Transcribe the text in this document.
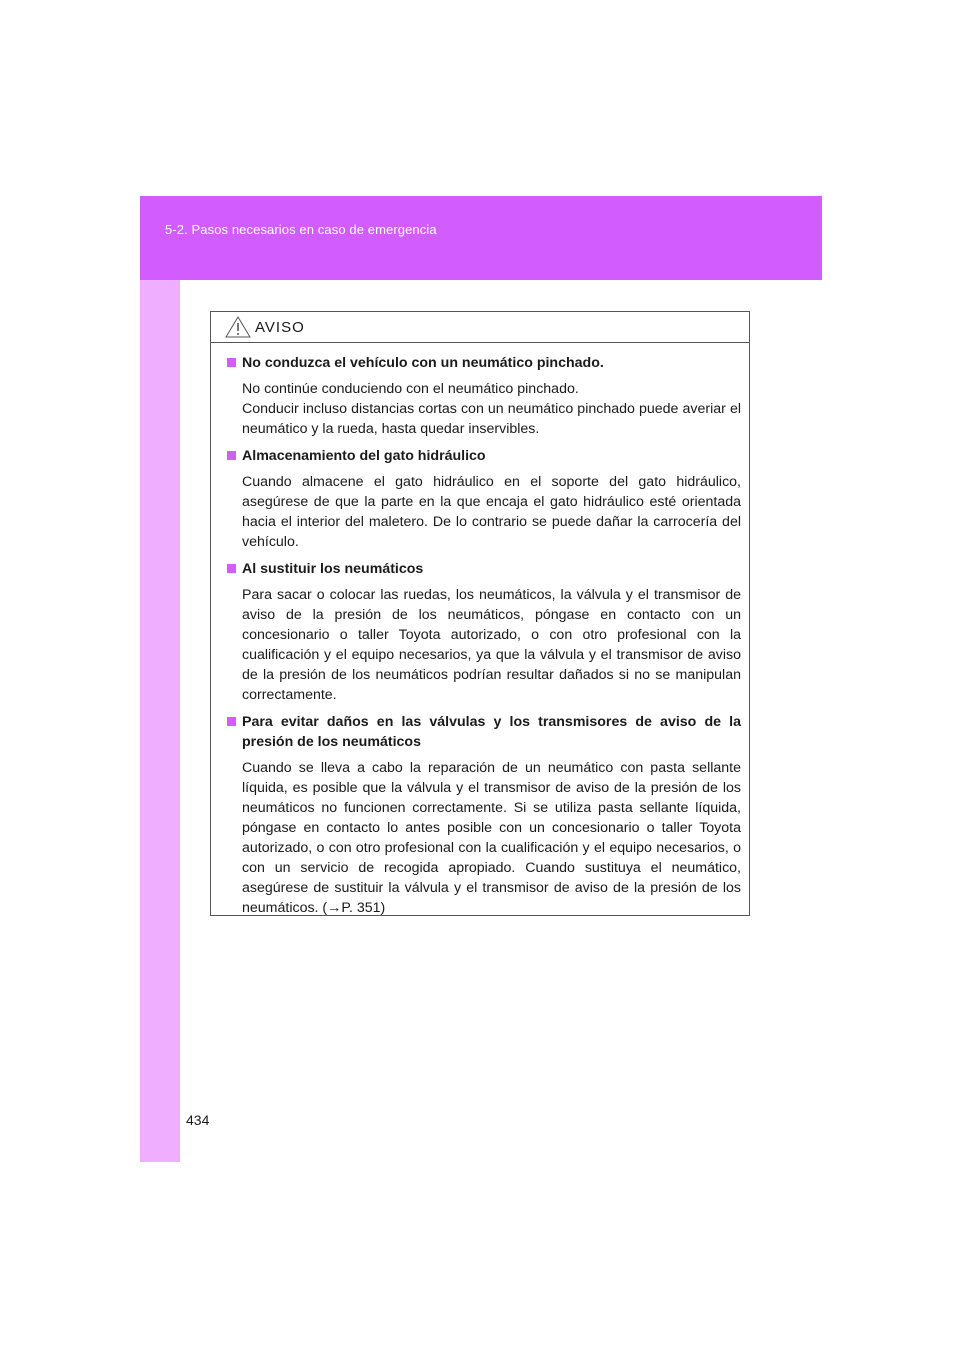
5-2. Pasos necesarios en caso de emergencia
AVISO
No conduzca el vehículo con un neumático pinchado.
No continúe conduciendo con el neumático pinchado.
Conducir incluso distancias cortas con un neumático pinchado puede averiar el neumático y la rueda, hasta quedar inservibles.
Almacenamiento del gato hidráulico
Cuando almacene el gato hidráulico en el soporte del gato hidráulico, asegúrese de que la parte en la que encaja el gato hidráulico esté orientada hacia el interior del maletero. De lo contrario se puede dañar la carrocería del vehículo.
Al sustituir los neumáticos
Para sacar o colocar las ruedas, los neumáticos, la válvula y el transmisor de aviso de la presión de los neumáticos, póngase en contacto con un concesionario o taller Toyota autorizado, o con otro profesional con la cualificación y el equipo necesarios, ya que la válvula y el transmisor de aviso de la presión de los neumáticos podrían resultar dañados si no se manipulan correctamente.
Para evitar daños en las válvulas y los transmisores de aviso de la presión de los neumáticos
Cuando se lleva a cabo la reparación de un neumático con pasta sellante líquida, es posible que la válvula y el transmisor de aviso de la presión de los neumáticos no funcionen correctamente. Si se utiliza pasta sellante líquida, póngase en contacto lo antes posible con un concesionario o taller Toyota autorizado, o con otro profesional con la cualificación y el equipo necesarios, o con un servicio de recogida apropiado. Cuando sustituya el neumático, asegúrese de sustituir la válvula y el transmisor de aviso de la presión de los neumáticos. (→P. 351)
434
